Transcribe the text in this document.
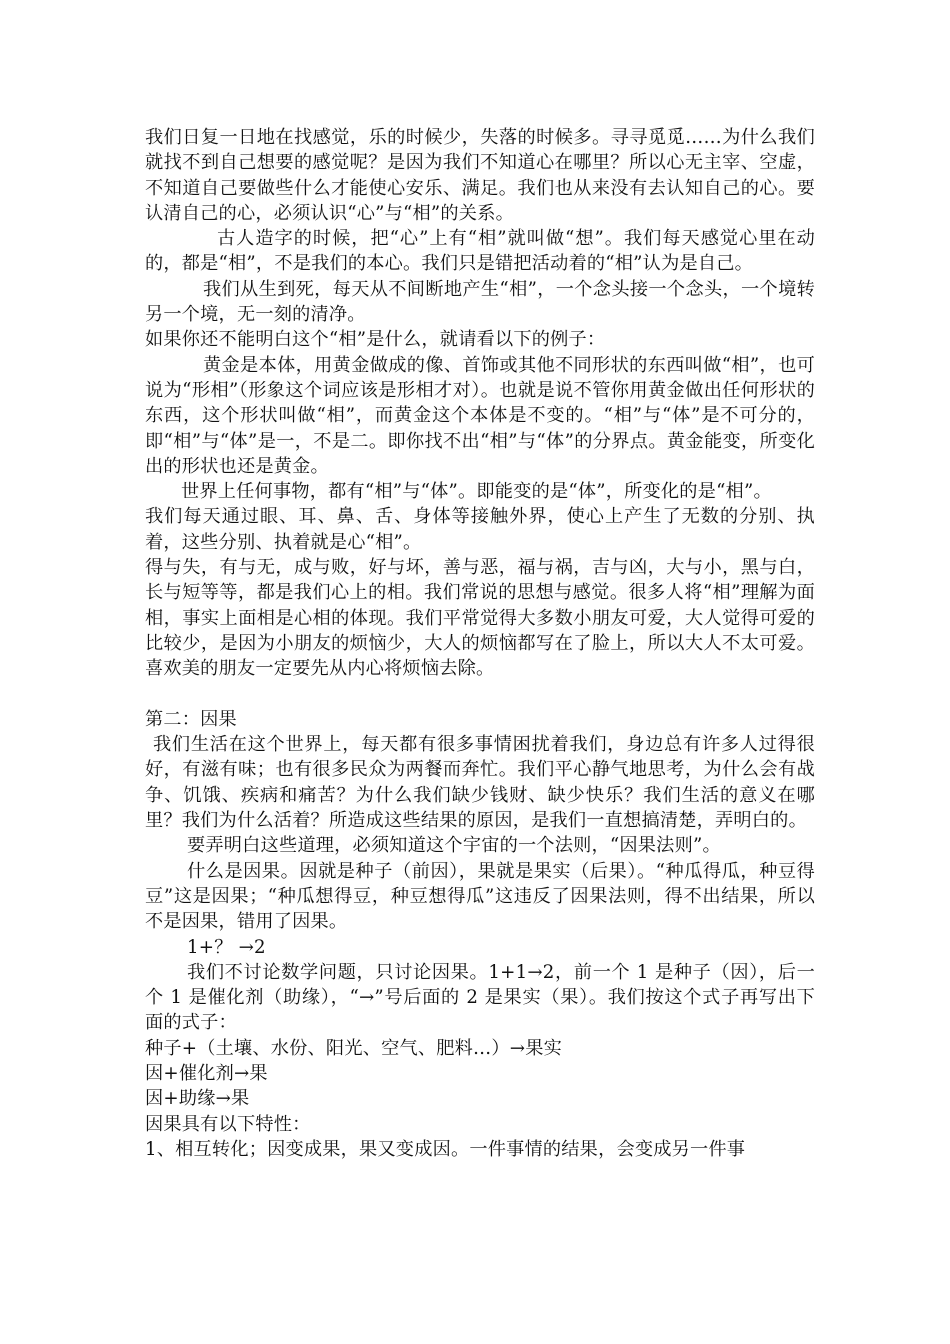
我们日复一日地在找感觉，乐的时候少，失落的时候多。寻寻觅觅……为什么我们就找不到自己想要的感觉呢？是因为我们不知道心在哪里？所以心无主宰、空虚，不知道自己要做些什么才能使心安乐、满足。我们也从来没有去认知自己的心。要认清自己的心，必须认识“心”与“相”的关系。

古人造字的时候，把“心”上有“相”就叫做“想”。我们每天感觉心里在动的，都是“相”，不是我们的本心。我们只是错把活动着的“相”认为是自己。

我们从生到死，每天从不间断地产生“相”，一个念头接一个念头，一个境转另一个境，无一刻的清净。

如果你还不能明白这个“相”是什么，就请看以下的例子：

黄金是本体，用黄金做成的像、首饰或其他不同形状的东西叫做“相”，也可说为“形相”（形象这个词应该是形相才对）。也就是说不管你用黄金做出任何形状的东西，这个形状叫做“相”，而黄金这个本体是不变的。“相”与“体”是不可分的，即“相”与“体”是一，不是二。即你找不出“相”与“体”的分界点。黄金能变，所变化出的形状也还是黄金。

世界上任何事物，都有“相”与“体”。即能变的是“体”，所变化的是“相”。

我们每天通过眼、耳、鼻、舌、身体等接触外界，使心上产生了无数的分别、执着，这些分别、执着就是心“相”。

得与失，有与无，成与败，好与坏，善与恶，福与祸，吉与凶，大与小，黑与白，长与短等等，都是我们心上的相。我们常说的思想与感觉。很多人将“相”理解为面相，事实上面相是心相的体现。我们平常觉得大多数小朋友可爱，大人觉得可爱的比较少，是因为小朋友的烦恼少，大人的烦恼都写在了脸上，所以大人不太可爱。喜欢美的朋友一定要先从内心将烦恼去除。

第二：因果

我们生活在这个世界上，每天都有很多事情困扰着我们，身边总有许多人过得很好，有滋有味；也有很多民众为两餐而奔忙。我们平心静气地思考，为什么会有战争、饥饿、疾病和痛苦？为什么我们缺少钱财、缺少快乐？我们生活的意义在哪里？我们为什么活着？所造成这些结果的原因，是我们一直想搞清楚，弄明白的。

要弄明白这些道理，必须知道这个宇宙的一个法则，“因果法则”。

什么是因果。因就是种子（前因），果就是果实（后果）。“种瓜得瓜，种豆得豆”这是因果；“种瓜想得豆，种豆想得瓜”这违反了因果法则，得不出结果，所以不是因果，错用了因果。

1+？ →2

我们不讨论数学问题，只讨论因果。1+1→2，前一个 1 是种子（因），后一个 1 是催化剂（助缘），“→”号后面的 2 是果实（果）。我们按这个式子再写出下面的式子：

种子+（土壤、水份、阳光、空气、肥料…）→果实

因+催化剂→果

因+助缘→果

因果具有以下特性：

1、相互转化；因变成果，果又变成因。一件事情的结果，会变成另一件事
